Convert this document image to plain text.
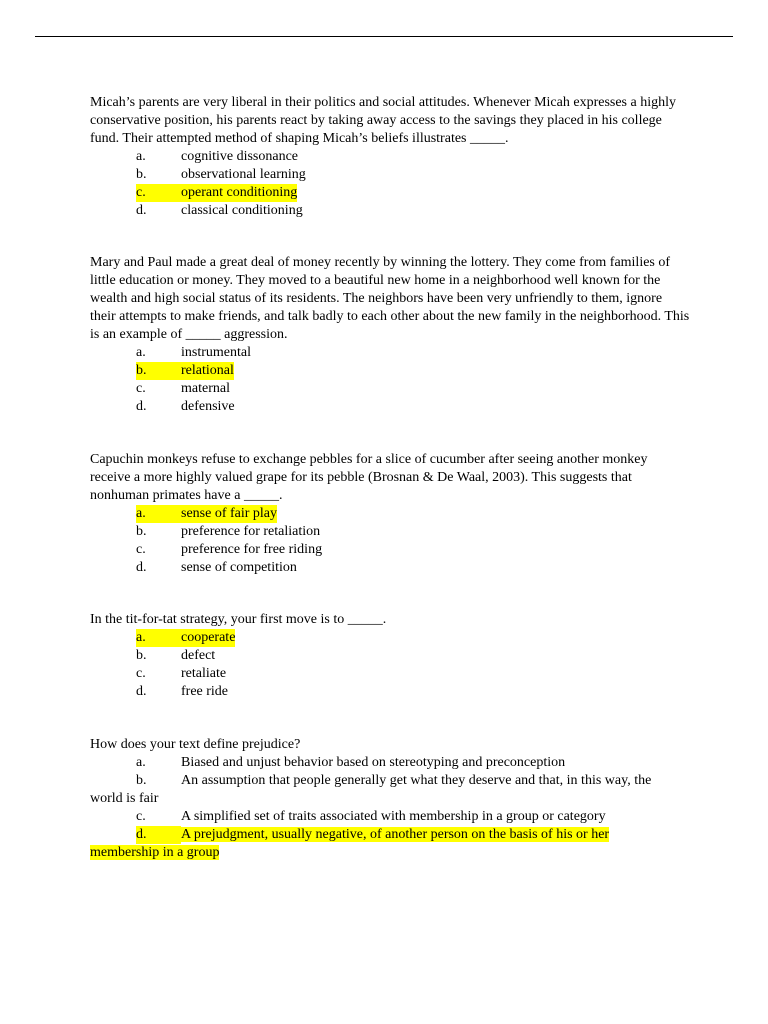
Micah’s parents are very liberal in their politics and social attitudes. Whenever Micah expresses a highly conservative position, his parents react by taking away access to the savings they placed in his college fund. Their attempted method of shaping Micah’s beliefs illustrates _____.

a.	cognitive dissonance
b.	observational learning
c.	operant conditioning
d.	classical conditioning

Mary and Paul made a great deal of money recently by winning the lottery. They come from families of little education or money. They moved to a beautiful new home in a neighborhood well known for the wealth and high social status of its residents. The neighbors have been very unfriendly to them, ignore their attempts to make friends, and talk badly to each other about the new family in the neighborhood. This is an example of _____ aggression.

a.	instrumental
b.	relational
c.	maternal
d.	defensive

Capuchin monkeys refuse to exchange pebbles for a slice of cucumber after seeing another monkey receive a more highly valued grape for its pebble (Brosnan & De Waal, 2003). This suggests that nonhuman primates have a _____.

a.	sense of fair play
b.	preference for retaliation
c.	preference for free riding
d.	sense of competition

In the tit-for-tat strategy, your first move is to _____.

a.	cooperate
b.	defect
c.	retaliate
d.	free ride

How does your text define prejudice?

a.	Biased and unjust behavior based on stereotyping and preconception
b. An assumption that people generally get what they deserve and that, in this way, the world is fair
c.	A simplified set of traits associated with membership in a group or category
d. A prejudgment, usually negative, of another person on the basis of his or her membership in a group
